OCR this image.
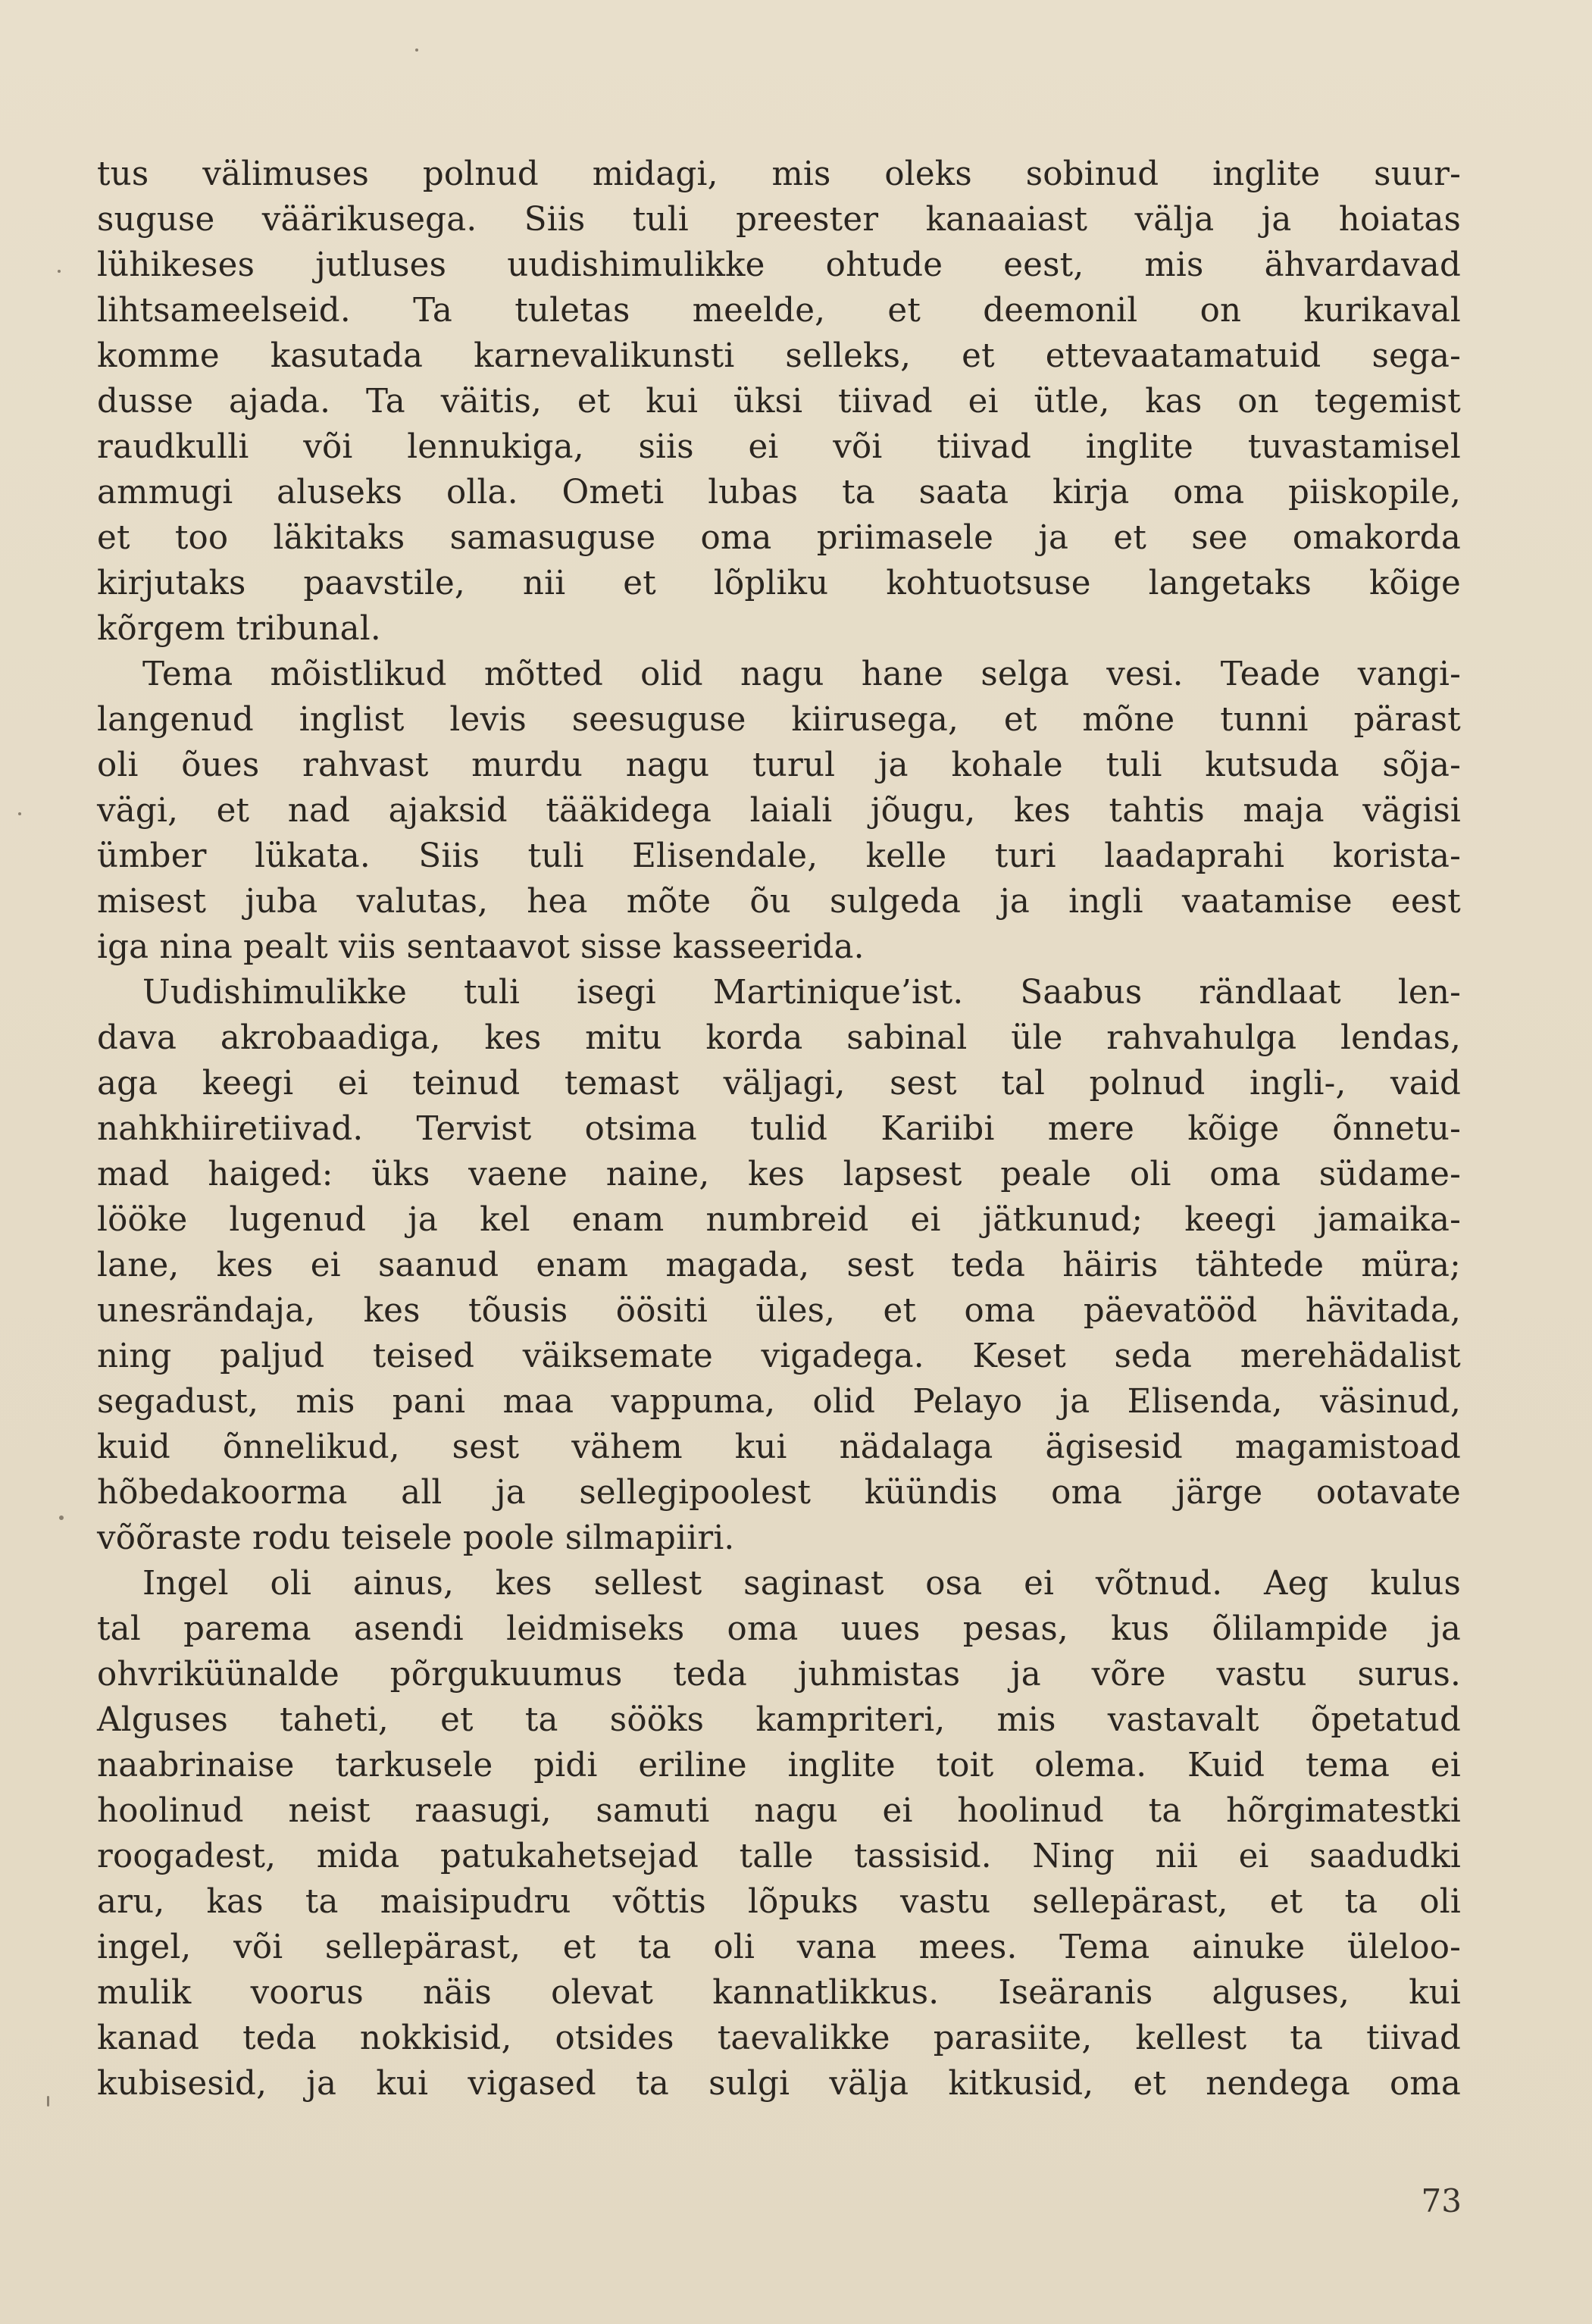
tus välimuses polnud midagi, mis oleks sobinud inglite suur-
suguse väärikusega. Siis tuli preester kanaaiast välja ja hoiatas
lühikeses jutluses uudishimulikke ohtude eest, mis ähvardavad
lihtsameelseid. Ta tuletas meelde, et deemonil on kurikaval
komme kasutada karnevalikunsti selleks, et ettevaatamatuid sega-
dusse ajada. Ta väitis, et kui üksi tiivad ei ütle, kas on tegemist
raudkulli või lennukiga, siis ei või tiivad inglite tuvastamisel
ammugi aluseks olla. Ometi lubas ta saata kirja oma piiskopile,
et too läkitaks samasuguse oma priimasele ja et see omakorda
kirjutaks paavstile, nii et lõpliku kohtuotsuse langetaks kõige
kõrgem tribunal.
Tema mõistlikud mõtted olid nagu hane selga vesi. Teade vangi-
langenud inglist levis seesuguse kiirusega, et mõne tunni pärast
oli õues rahvast murdu nagu turul ja kohale tuli kutsuda sõja-
vägi, et nad ajaksid tääkidega laiali jõugu, kes tahtis maja vägisi
ümber lükata. Siis tuli Elisendale, kelle turi laadaprahi korista-
misest juba valutas, hea mõte õu sulgeda ja ingli vaatamise eest
iga nina pealt viis sentaavot sisse kasseerida.
Uudishimulikke tuli isegi Martinique’ist. Saabus rändlaat len-
dava akrobaadiga, kes mitu korda sabinal üle rahvahulga lendas,
aga keegi ei teinud temast väljagi, sest tal polnud ingli-, vaid
nahkhiiretiivad. Tervist otsima tulid Kariibi mere kõige õnnetu-
mad haiged: üks vaene naine, kes lapsest peale oli oma südame-
lööke lugenud ja kel enam numbreid ei jätkunud; keegi jamaika-
lane, kes ei saanud enam magada, sest teda häiris tähtede müra;
unesrändaja, kes tõusis öösiti üles, et oma päevatööd hävitada,
ning paljud teised väiksemate vigadega. Keset seda merehädalist
segadust, mis pani maa vappuma, olid Pelayo ja Elisenda, väsinud,
kuid õnnelikud, sest vähem kui nädalaga ägisesid magamistoad
hõbedakoorma all ja sellegipoolest küündis oma järge ootavate
võõraste rodu teisele poole silmapiiri.
Ingel oli ainus, kes sellest saginast osa ei võtnud. Aeg kulus
tal parema asendi leidmiseks oma uues pesas, kus õlilampide ja
ohvriküünalde põrgukuumus teda juhmistas ja võre vastu surus.
Alguses taheti, et ta sööks kampriteri, mis vastavalt õpetatud
naabrinaise tarkusele pidi eriline inglite toit olema. Kuid tema ei
hoolinud neist raasugi, samuti nagu ei hoolinud ta hõrgimatestki
roogadest, mida patukahetsejad talle tassisid. Ning nii ei saadudki
aru, kas ta maisipudru võttis lõpuks vastu sellepärast, et ta oli
ingel, või sellepärast, et ta oli vana mees. Tema ainuke üleloo-
mulik voorus näis olevat kannatlikkus. Iseäranis alguses, kui
kanad teda nokkisid, otsides taevalikke parasiite, kellest ta tiivad
kubisesid, ja kui vigased ta sulgi välja kitkusid, et nendega oma
73
